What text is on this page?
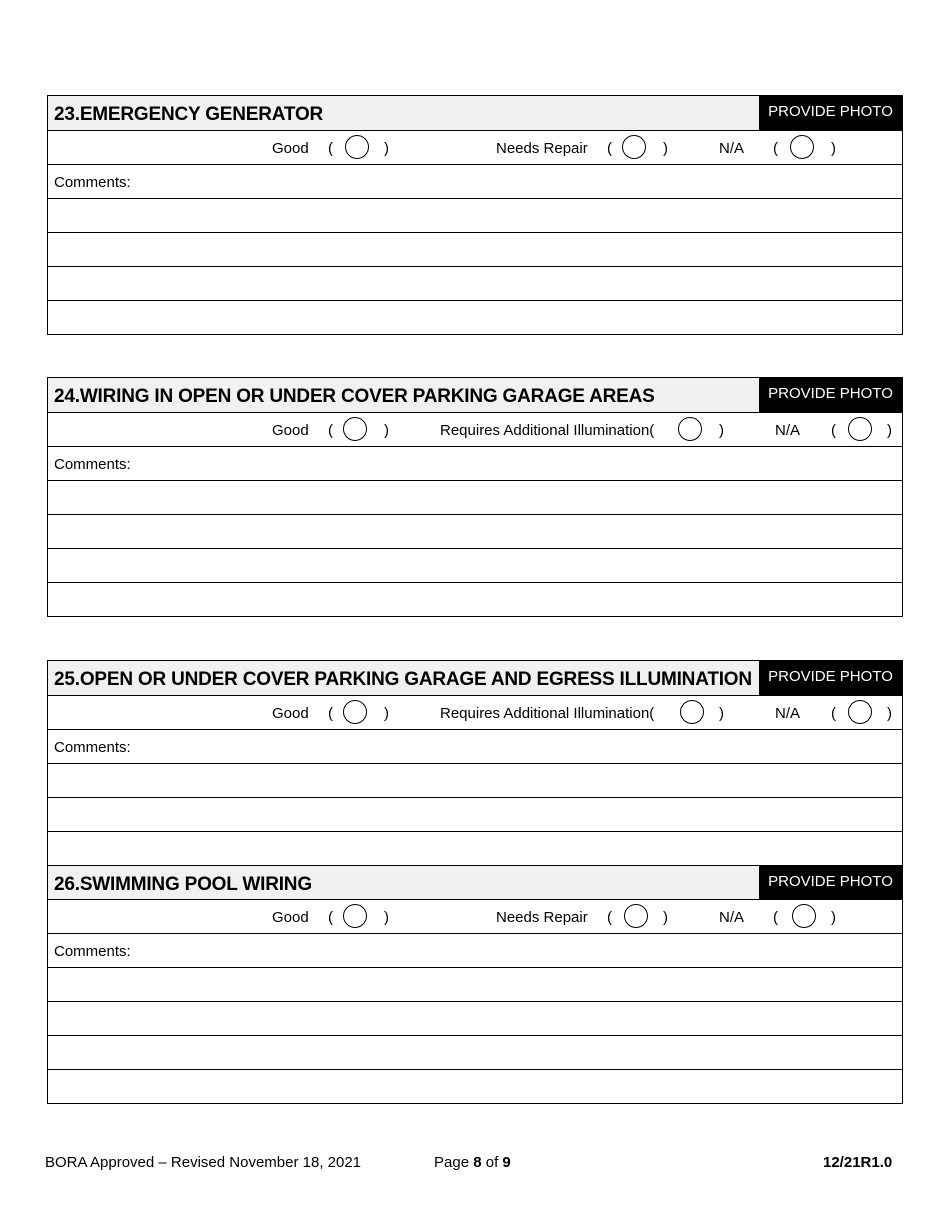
23.EMERGENCY GENERATOR	PROVIDE PHOTO
Good (	)	Needs Repair (	)	N/A (	)
Comments:
24.WIRING IN OPEN OR UNDER COVER PARKING GARAGE AREAS	PROVIDE PHOTO
Good (	)	Requires Additional Illumination(	)	N/A (	)
Comments:
25.OPEN OR UNDER COVER PARKING GARAGE AND EGRESS ILLUMINATION	PROVIDE PHOTO
Good (	)	Requires Additional Illumination(	)	N/A (	)
Comments:
26.SWIMMING POOL WIRING	PROVIDE PHOTO
Good (	)	Needs Repair (	)	N/A (	)
Comments:
BORA Approved – Revised November 18, 2021	Page 8 of 9	12/21R1.0
